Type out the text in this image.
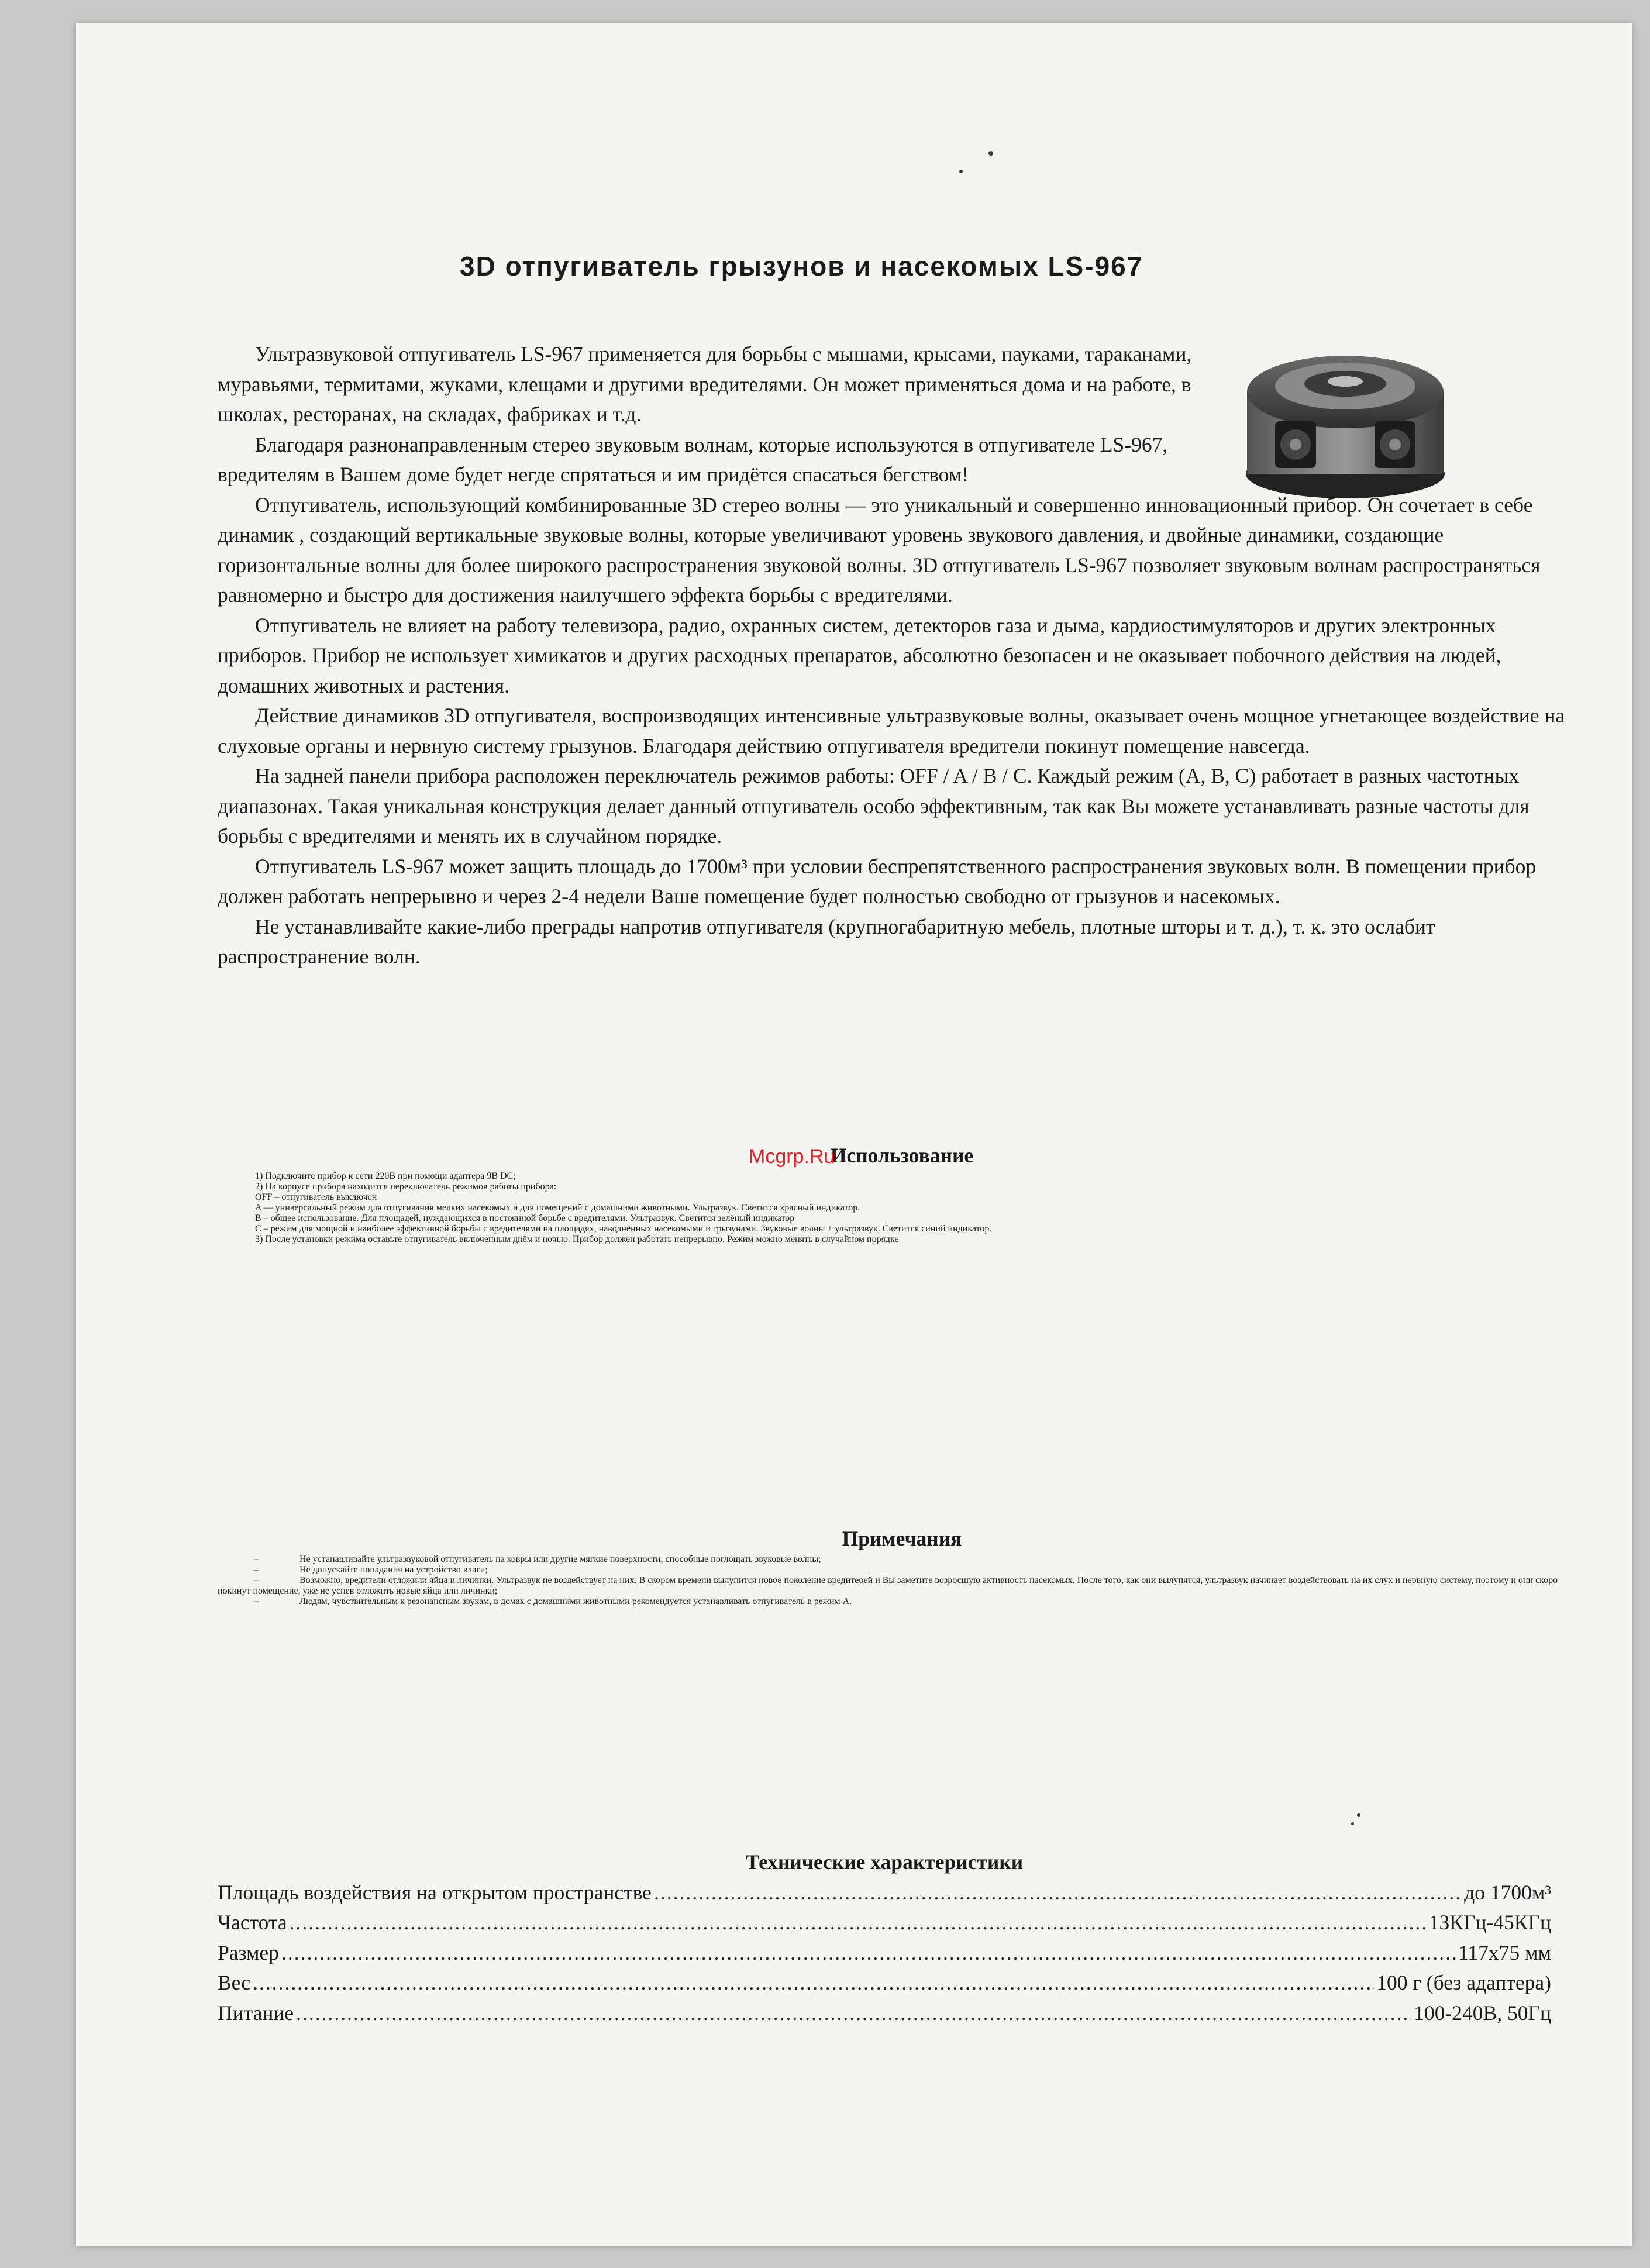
3D отпугиватель грызунов и насекомых LS-967

Ультразвуковой отпугиватель LS-967 применяется для борьбы с мышами, крысами, пауками, тараканами, муравьями, термитами, жуками, клещами и другими вредителями. Он может применяться дома и на работе, в школах, ресторанах, на складах, фабриках и т.д.

Благодаря разнонаправленным стерео звуковым волнам, которые используются в отпугивателе LS-967, вредителям в Вашем доме будет негде спрятаться и им придётся спасаться бегством!

Отпугиватель, использующий комбинированные 3D стерео волны — это уникальный и совершенно инновационный прибор. Он сочетает в себе динамик , создающий вертикальные звуковые волны, которые увеличивают уровень звукового давления, и двойные динамики, создающие горизонтальные волны для более широкого распространения звуковой волны. 3D отпугиватель LS-967 позволяет звуковым волнам распространяться равномерно и быстро для достижения наилучшего эффекта борьбы с вредителями.

Отпугиватель не влияет на работу телевизора, радио, охранных систем, детекторов газа и дыма, кардиостимуляторов и других электронных приборов. Прибор не использует химикатов и других расходных препаратов, абсолютно безопасен и не оказывает побочного действия на людей, домашних животных и растения.

Действие динамиков 3D отпугивателя, воспроизводящих интенсивные ультразвуковые волны, оказывает очень мощное угнетающее воздействие на слуховые органы и нервную систему грызунов. Благодаря действию отпугивателя вредители покинут помещение навсегда.

На задней панели прибора расположен переключатель режимов работы: OFF / A / B / C. Каждый режим (A, B, C) работает в разных частотных диапазонах. Такая уникальная конструкция делает данный отпугиватель особо эффективным, так как Вы можете устанавливать разные частоты для борьбы с вредителями и менять их в случайном порядке.

Отпугиватель LS-967 может защить площадь до 1700м³ при условии беспрепятственного распространения звуковых волн. В помещении прибор должен работать непрерывно и через 2-4 недели Ваше помещение будет полностью свободно от грызунов и насекомых.

Не устанавливайте какие-либо преграды напротив отпугивателя (крупногабаритную мебель, плотные шторы и т. д.), т. к. это ослабит распространение волн.

Использование

1) Подключите прибор к сети 220В при помощи адаптера 9В DC;

2) На корпусе прибора находится переключатель режимов работы прибора:

OFF – отпугиватель выключен

A — универсальный режим для отпугивания мелких насекомых и для помещений с домашними животными. Ультразвук. Светится красный индикатор.

B – общее использование. Для площадей, нуждающихся в постоянной борьбе с вредителями. Ультразвук. Светится зелёный индикатор

C – режим для мощной и наиболее эффективной борьбы с вредителями на площадях, наводнённых насекомыми и грызунами. Звуковые волны + ультразвук. Светится синий индикатор.

3) После установки режима оставьте отпугиватель включенным днём и ночью. Прибор должен работать непрерывно. Режим можно менять в случайном порядке.

Mcgrp.Ru
Примечания

–	Не устанавливайте ультразвуковой отпугиватель на ковры или другие мягкие поверхности, способные поглощать звуковые волны;

–	Не допускайте попадания на устройство влаги;

–	Возможно, вредители отложили яйца и личинки. Ультразвук не воздействует на них. В скором времени вылупится новое поколение вредитеоей и Вы заметите возросшую активность насекомых. После того, как они вылупятся, ультразвук начинает воздействовать на их слух и нервную систему, поэтому и они скоро покинут помещение, уже не успев отложить новые яйца или личинки;

–	Людям, чувствительным к резонансным звукам, в домах с домашними животными рекомендуется устанавливать отпугиватель в режим A.

Технические характеристики
Площадь воздействия на открытом пространстве .....	до 1700м³
Частота .....	13КГц-45КГц
Размер .....	117x75 мм
Вес .....	100 г (без адаптера)
Питание .....	100-240В, 50Гц
